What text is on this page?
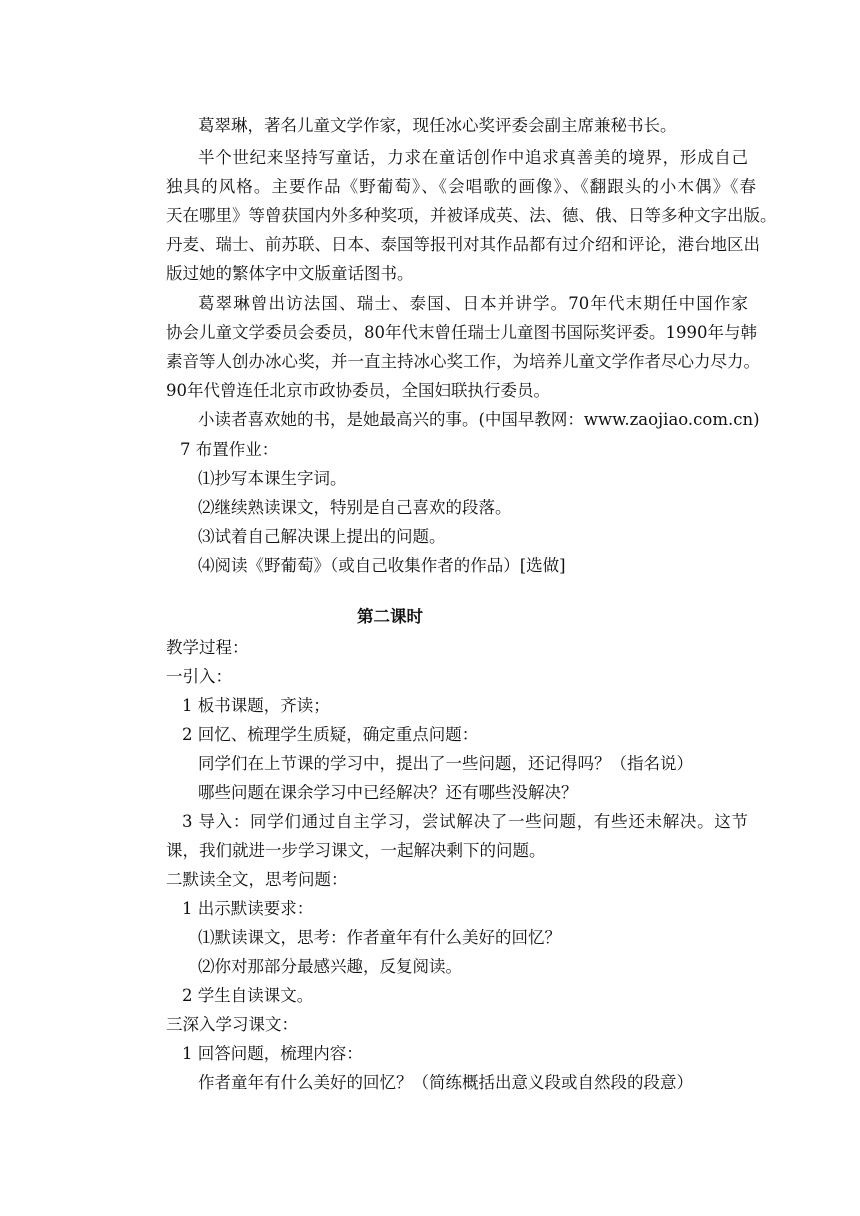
葛翠琳，著名儿童文学作家，现任冰心奖评委会副主席兼秘书长。
半个世纪来坚持写童话，力求在童话创作中追求真善美的境界，形成自己
独具的风格。主要作品《野葡萄》、《会唱歌的画像》、《翻跟头的小木偶》《春
天在哪里》等曾获国内外多种奖项，并被译成英、法、德、俄、日等多种文字出版。
丹麦、瑞士、前苏联、日本、泰国等报刊对其作品都有过介绍和评论，港台地区出
版过她的繁体字中文版童话图书。
葛翠琳曾出访法国、瑞士、泰国、日本并讲学。70年代末期任中国作家
协会儿童文学委员会委员，80年代末曾任瑞士儿童图书国际奖评委。1990年与韩
素音等人创办冰心奖，并一直主持冰心奖工作，为培养儿童文学作者尽心力尽力。
90年代曾连任北京市政协委员，全国妇联执行委员。
小读者喜欢她的书，是她最高兴的事。(中国早教网：www.zaojiao.com.cn)
7 布置作业：
⑴抄写本课生字词。
⑵继续熟读课文，特别是自己喜欢的段落。
⑶试着自己解决课上提出的问题。
⑷阅读《野葡萄》（或自己收集作者的作品）[选做]
第二课时
教学过程：
一引入：
1 板书课题，齐读；
2 回忆、梳理学生质疑，确定重点问题：
同学们在上节课的学习中，提出了一些问题，还记得吗？（指名说）
哪些问题在课余学习中已经解决？还有哪些没解决？
3 导入：同学们通过自主学习，尝试解决了一些问题，有些还未解决。这节
课，我们就进一步学习课文，一起解决剩下的问题。
二默读全文，思考问题：
1 出示默读要求：
⑴默读课文，思考：作者童年有什么美好的回忆？
⑵你对那部分最感兴趣，反复阅读。
2 学生自读课文。
三深入学习课文：
1 回答问题，梳理内容：
作者童年有什么美好的回忆？（简练概括出意义段或自然段的段意）
